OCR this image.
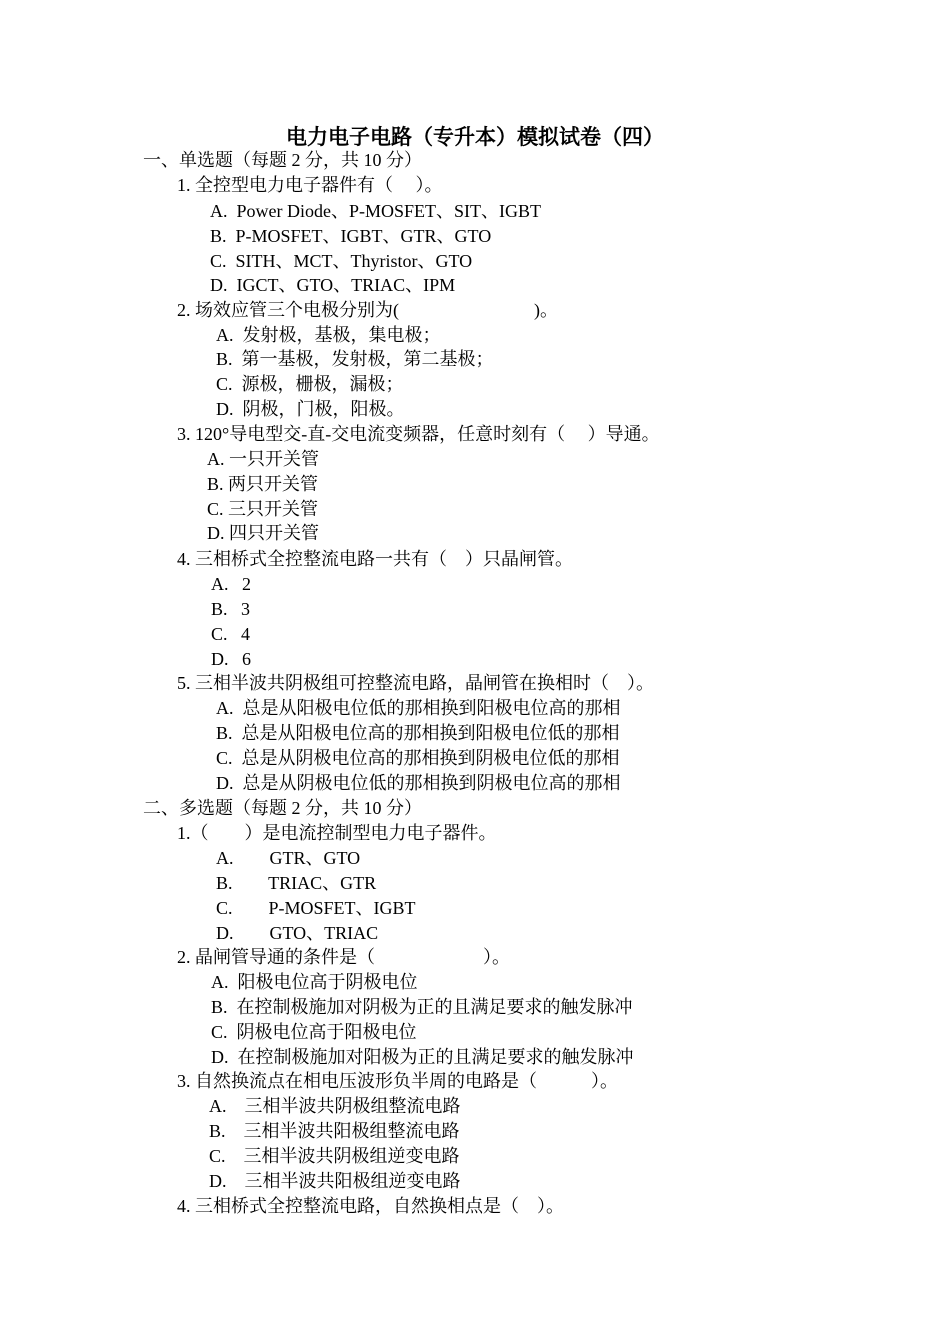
电力电子电路（专升本）模拟试卷（四）
一、单选题（每题 2 分，共 10 分）
1. 全控型电力电子器件有（　 ）。
A.  Power Diode、P-MOSFET、SIT、IGBT
B.  P-MOSFET、IGBT、GTR、GTO
C.  SITH、MCT、Thyristor、GTO
D.  IGCT、GTO、TRIAC、IPM
2. 场效应管三个电极分别为(                              )。
A.  发射极，基极，集电极；
B.  第一基极，发射极，第二基极；
C.  源极，栅极，漏极；
D.  阴极，门极，阳极。
3. 120°导电型交-直-交电流变频器，任意时刻有（　 ）导通。
A. 一只开关管
B. 两只开关管
C. 三只开关管
D. 四只开关管
4. 三相桥式全控整流电路一共有（　）只晶闸管。
A.   2
B.   3
C.   4
D.   6
5. 三相半波共阴极组可控整流电路，晶闸管在换相时（　）。
A.  总是从阳极电位低的那相换到阳极电位高的那相
B.  总是从阳极电位高的那相换到阳极电位低的那相
C.  总是从阴极电位高的那相换到阴极电位低的那相
D.  总是从阴极电位低的那相换到阴极电位高的那相
二、多选题（每题 2 分，共 10 分）
1.（　　）是电流控制型电力电子器件。
A.        GTR、GTO
B.        TRIAC、GTR
C.        P-MOSFET、IGBT
D.        GTO、TRIAC
2. 晶闸管导通的条件是（　　　　　　）。
A.  阳极电位高于阴极电位
B.  在控制极施加对阴极为正的且满足要求的触发脉冲
C.  阴极电位高于阳极电位
D.  在控制极施加对阳极为正的且满足要求的触发脉冲
3. 自然换流点在相电压波形负半周的电路是（　　　）。
A.    三相半波共阴极组整流电路
B.    三相半波共阳极组整流电路
C.    三相半波共阴极组逆变电路
D.    三相半波共阳极组逆变电路
4. 三相桥式全控整流电路，自然换相点是（　）。
